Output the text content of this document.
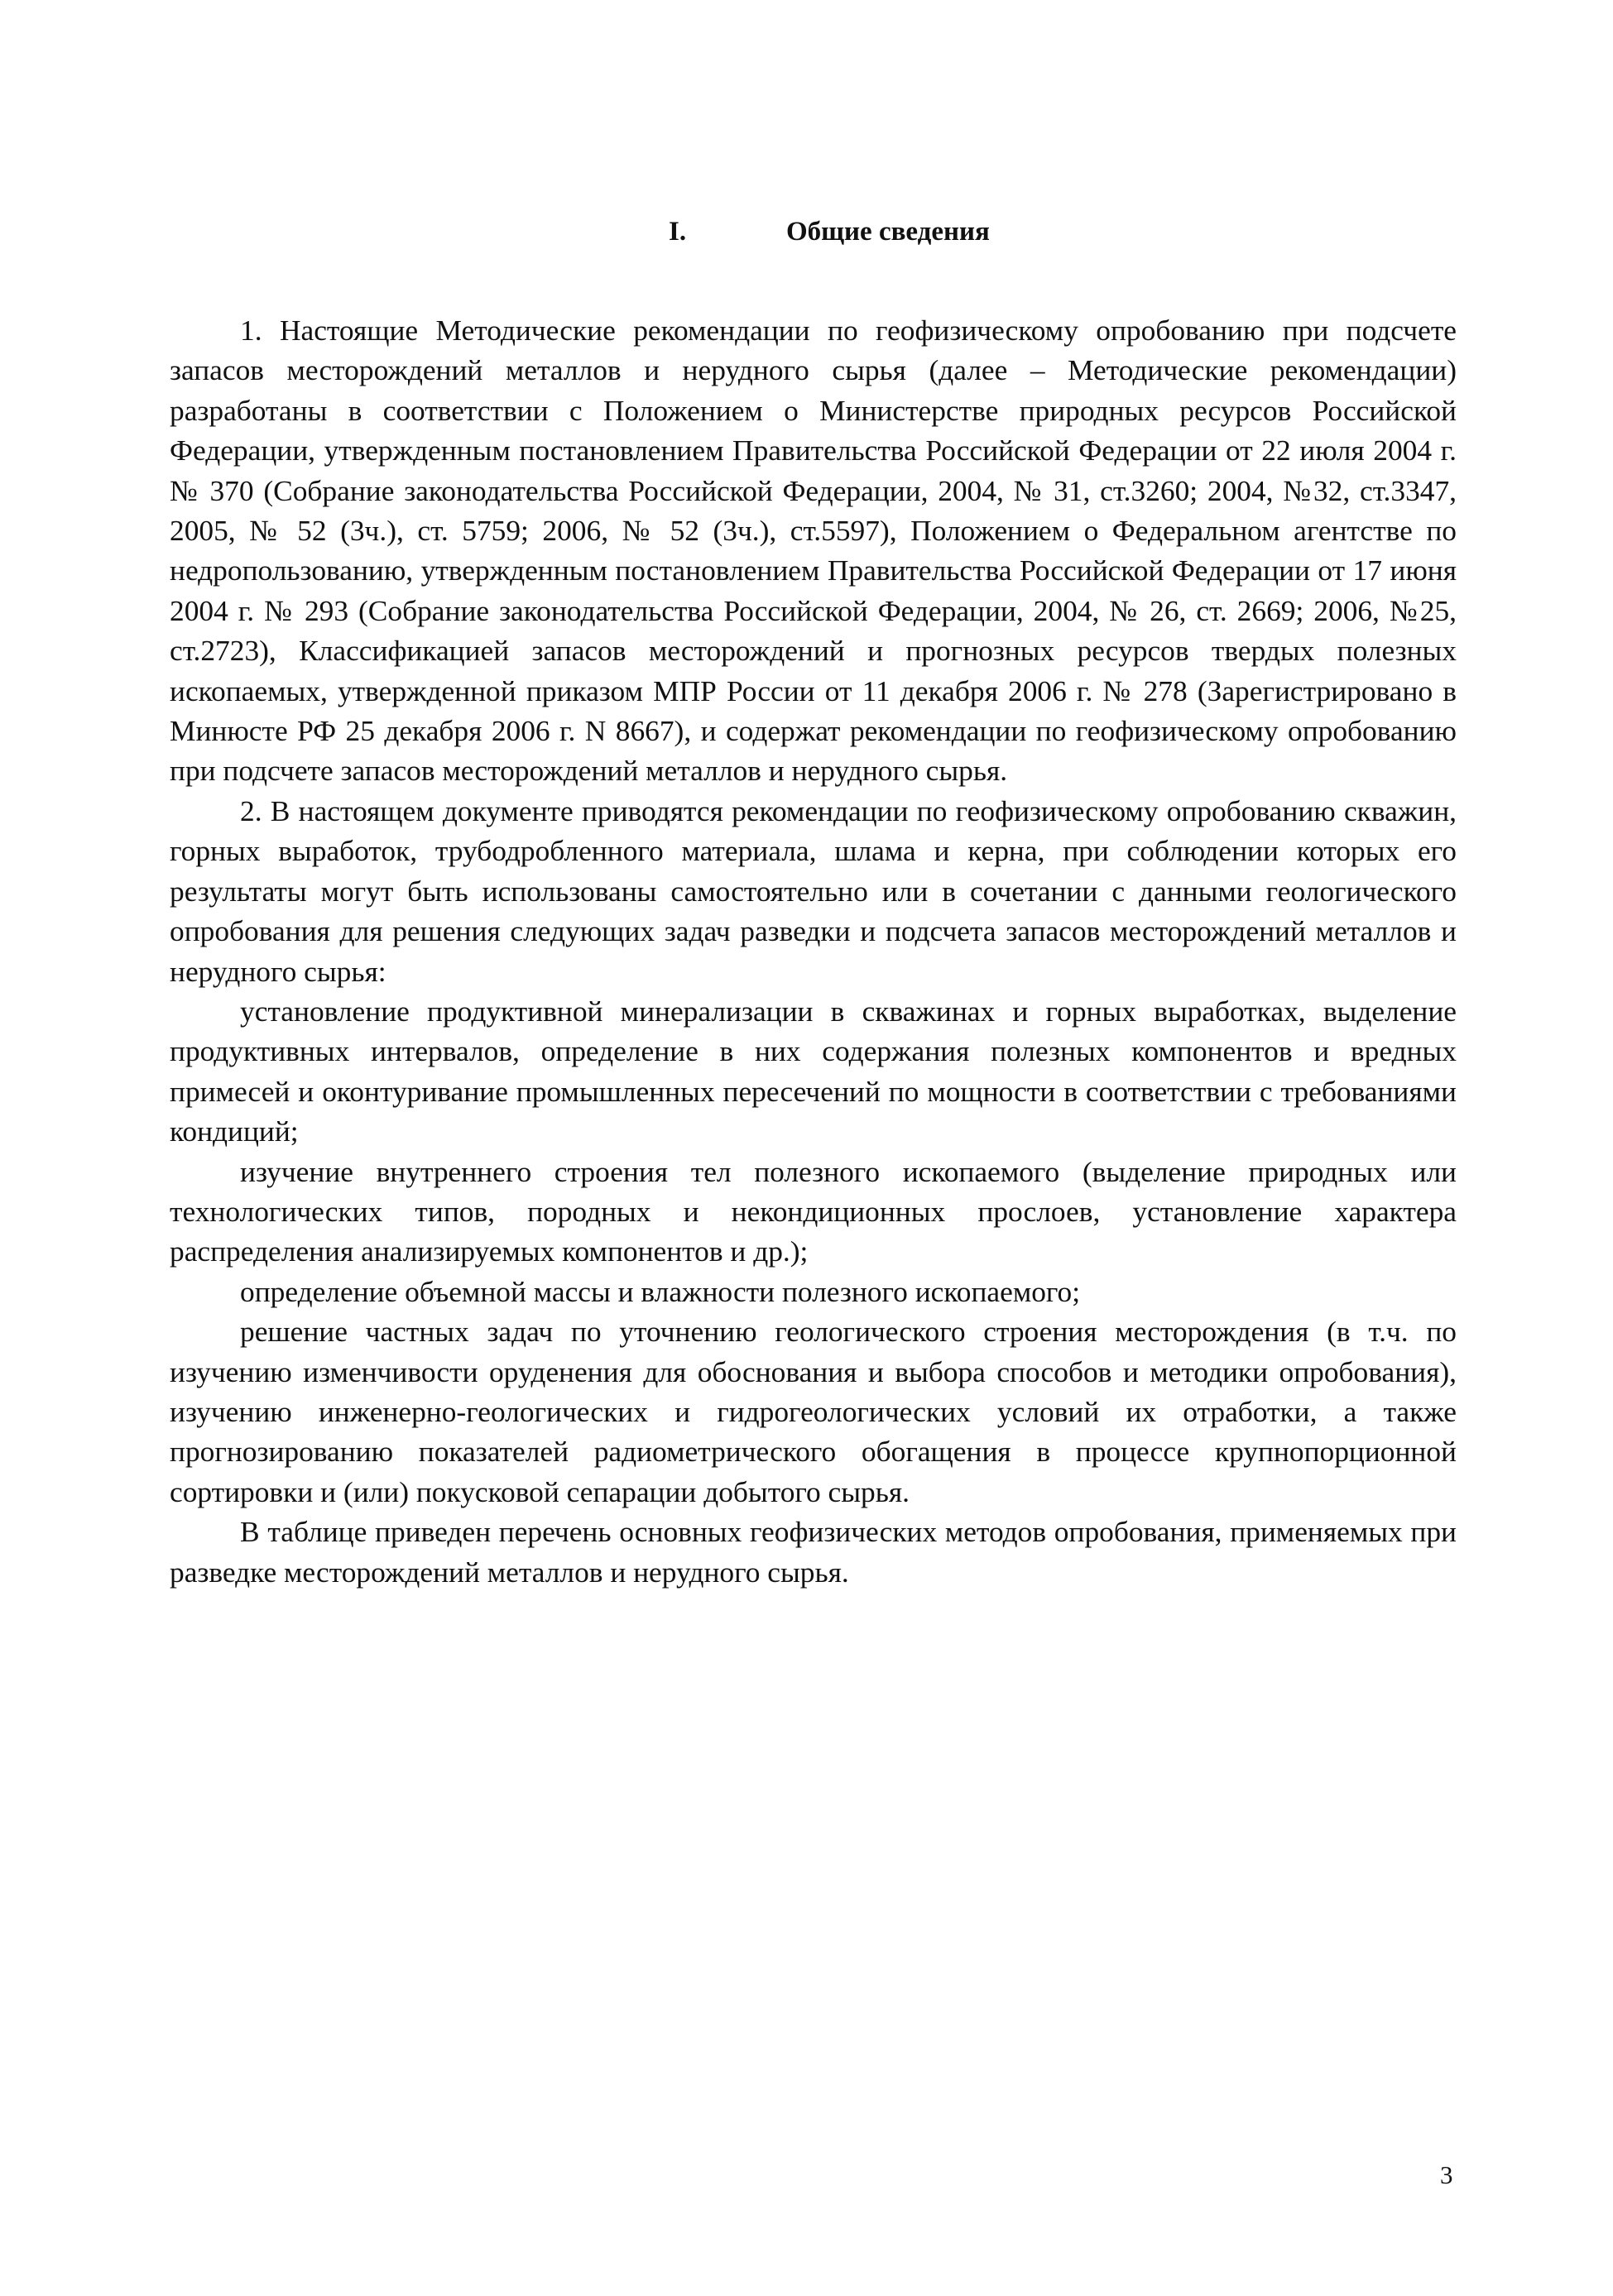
I.	Общие сведения

1. Настоящие Методические рекомендации по геофизическому опробованию при подсчете запасов месторождений металлов и нерудного сырья (далее – Методические рекомендации) разработаны в соответствии с Положением о Министерстве природных ресурсов Российской Федерации, утвержденным постановлением Правительства Российской Федерации от 22 июля 2004 г. № 370 (Собрание законодательства Российской Федерации, 2004, № 31, ст.3260; 2004, №32, ст.3347, 2005, № 52 (3ч.), ст. 5759; 2006, № 52 (3ч.), ст.5597), Положением о Федеральном агентстве по недропользованию, утвержденным постановлением Правительства Российской Федерации от 17 июня 2004 г. № 293 (Собрание законодательства Российской Федерации, 2004, № 26, ст. 2669; 2006, №25, ст.2723), Классификацией запасов месторождений и прогнозных ресурсов твердых полезных ископаемых, утвержденной приказом МПР России от 11 декабря 2006 г. № 278 (Зарегистрировано в Минюсте РФ 25 декабря 2006 г. N 8667), и содержат рекомендации по геофизическому опробованию при подсчете запасов месторождений металлов и нерудного сырья.

2. В настоящем документе приводятся рекомендации по геофизическому опробованию скважин, горных выработок, трубодробленного материала, шлама и керна, при соблюдении которых его результаты могут быть использованы самостоятельно или в сочетании с данными геологического опробования для решения следующих задач разведки и подсчета запасов месторождений металлов и нерудного сырья:

установление продуктивной минерализации в скважинах и горных выработках, выделение продуктивных интервалов, определение в них содержания полезных компонентов и вредных примесей и оконтуривание промышленных пересечений по мощности в соответствии с требованиями кондиций;

изучение внутреннего строения тел полезного ископаемого (выделение природных или технологических типов, породных и некондиционных прослоев, установление характера распределения анализируемых компонентов и др.);

определение объемной массы и влажности полезного ископаемого;

решение частных задач по уточнению геологического строения месторождения (в т.ч. по изучению изменчивости оруденения для обоснования и выбора способов и методики опробования), изучению инженерно-геологических и гидрогеологических условий их отработки, а также прогнозированию показателей радиометрического обогащения в процессе крупнопорционной сортировки и (или) покусковой сепарации добытого сырья.

В таблице приведен перечень основных геофизических методов опробования, применяемых при разведке месторождений металлов и нерудного сырья.

3
